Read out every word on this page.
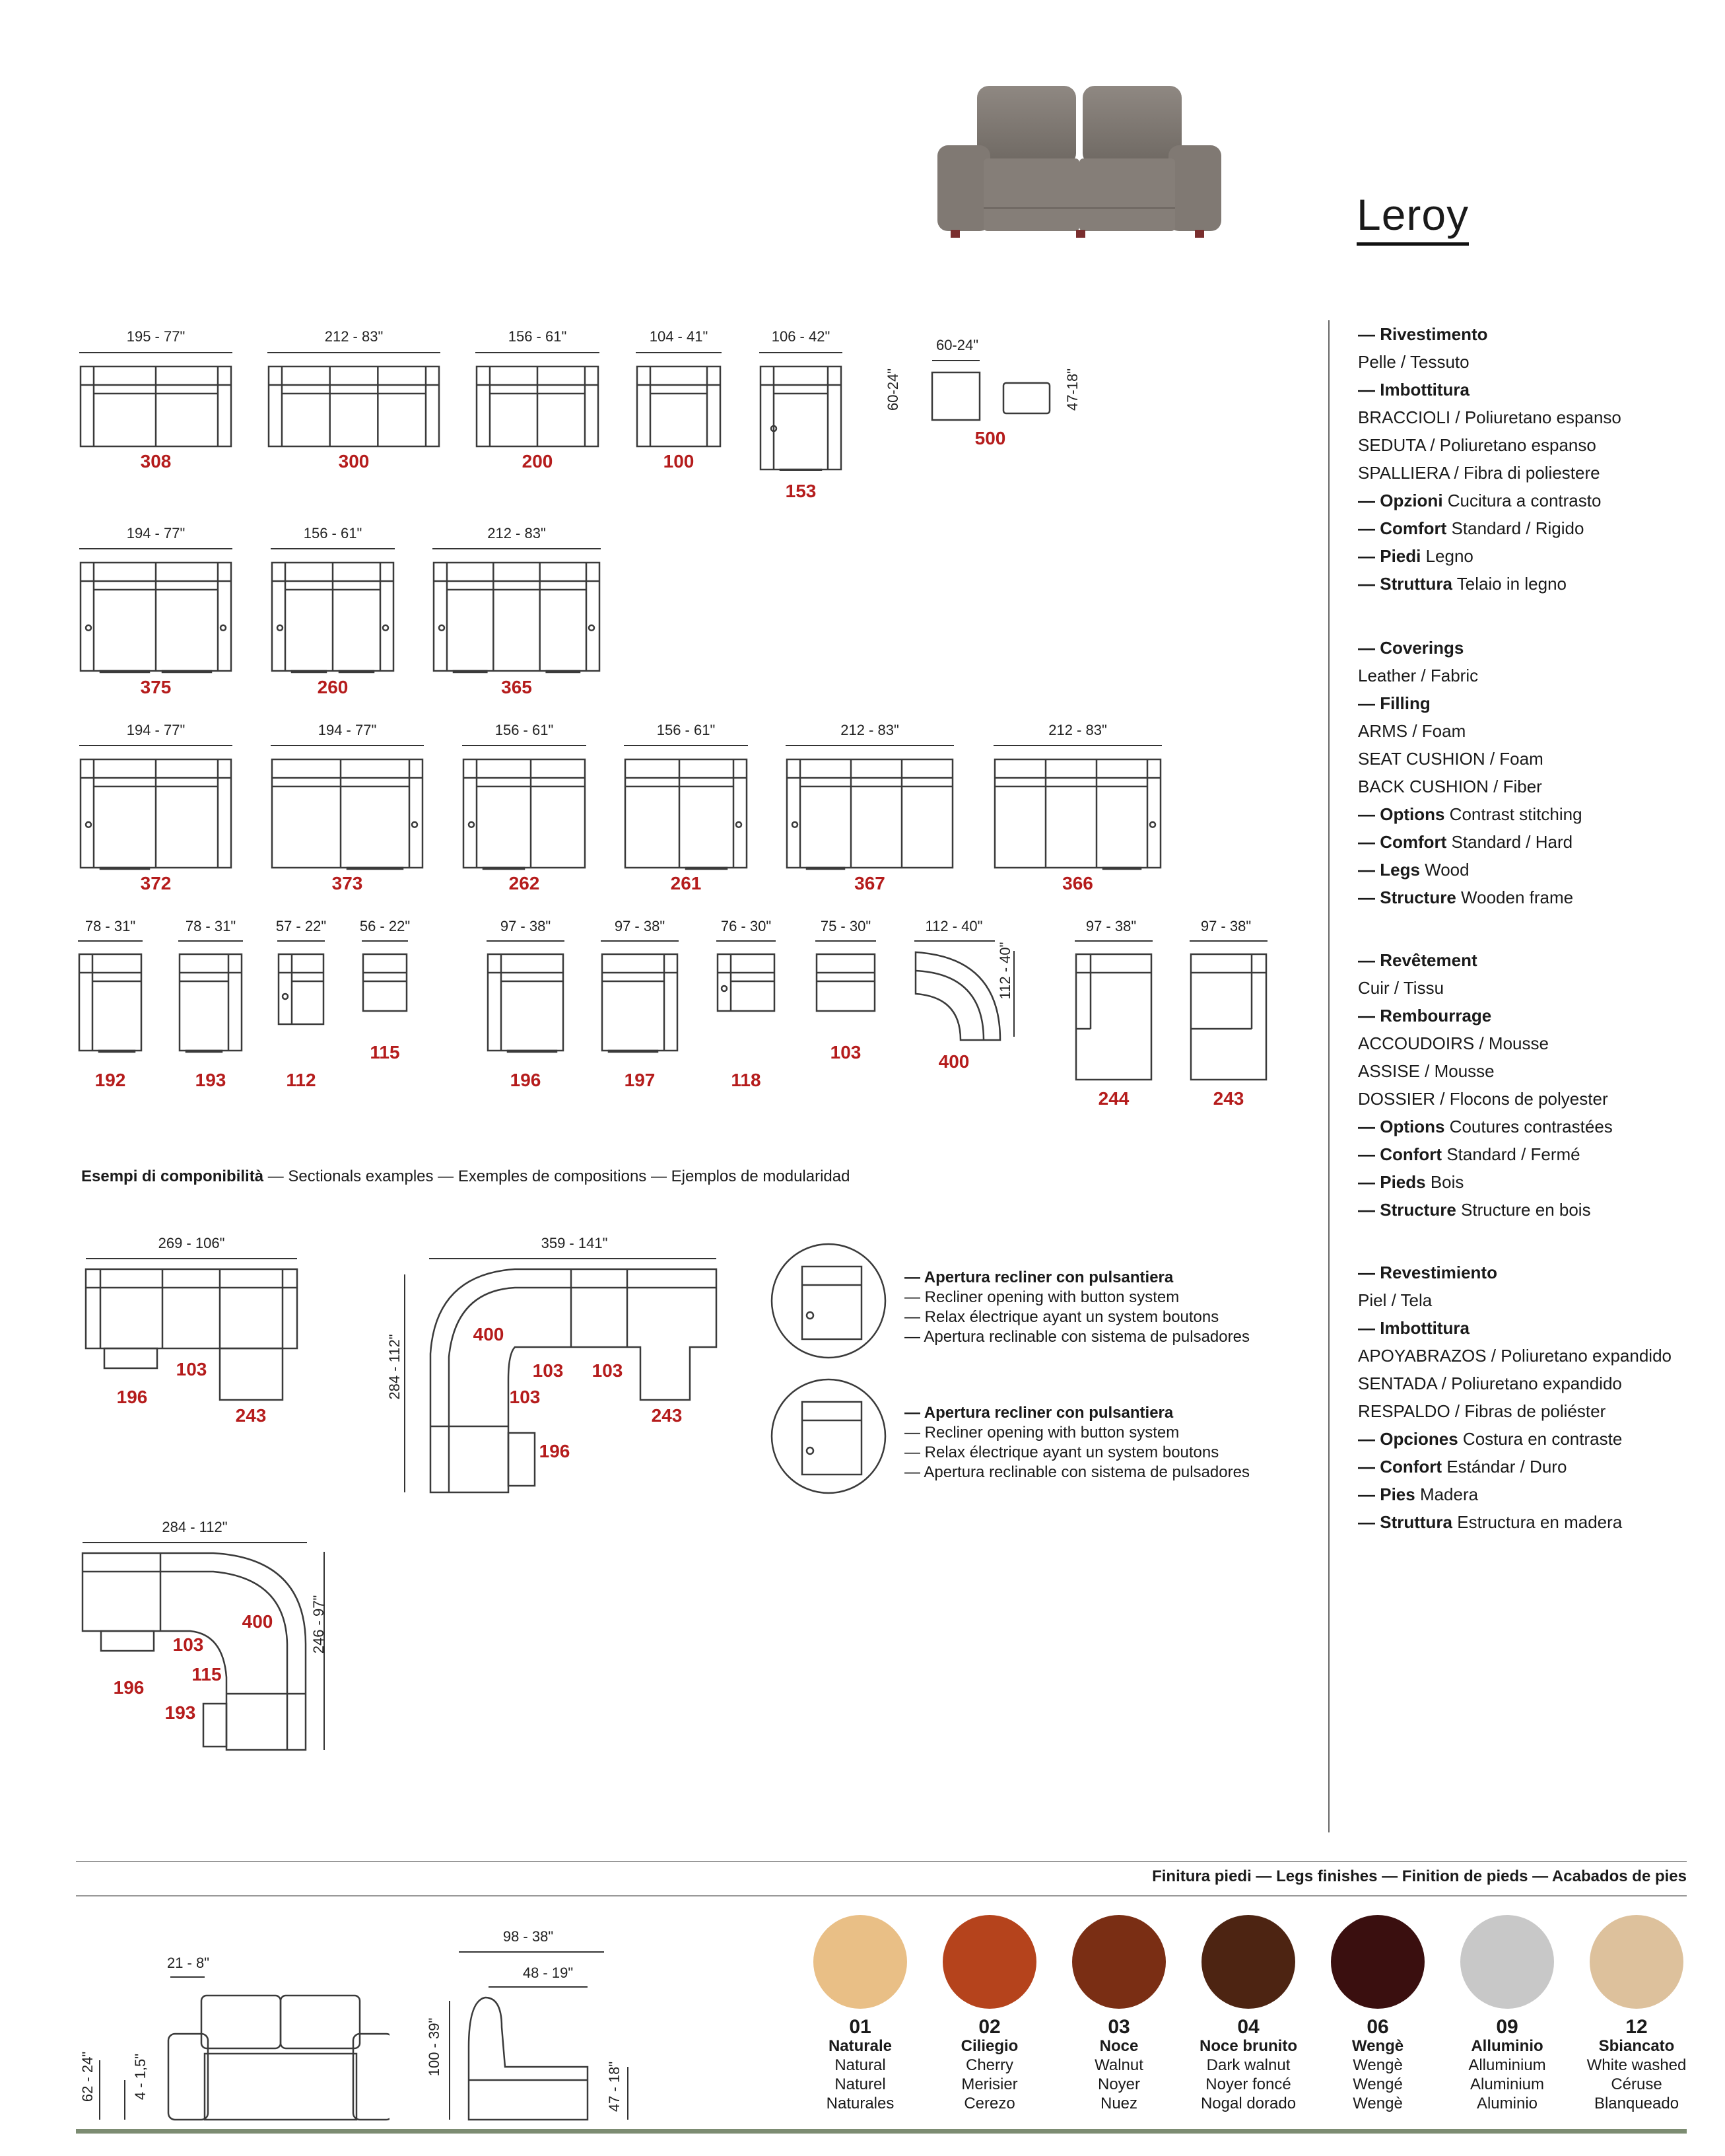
Leroy
Esempi di componibilità — Sectionals examples — Exemples de compositions — Ejemplos de modularidad
Finitura piedi — Legs finishes — Finition de pieds — Acabados de pies
195 - 77"
308
212 - 83"
300
156 - 61"
200
104 - 41"
100
106 - 42"
153
60-24"
60-24"	47-18"
500
194 - 77"
375
156 - 61"
260
212 - 83"
365
194 - 77"
372
194 - 77"
373
156 - 61"
262
156 - 61"
261
212 - 83"
367
212 - 83"
366
78 - 31"
192
78 - 31"
193
57 - 22"
112
56 - 22"
115
97 - 38"
196
97 - 38"
197
76 - 30"
118
75 - 30"
103
112 - 40"
112 - 40"
400
97 - 38"
244
97 - 38"
243
269 - 106"
196
103
243
359 - 141"
284 - 112"	400
103	103
103
243
196
284 - 112"
246 - 97"
400
103
196
115
193
— Apertura recliner con pulsantiera
— Recliner opening with button system
— Relax électrique ayant un system boutons
— Apertura reclinable con sistema de pulsadores
— Apertura recliner con pulsantiera
— Recliner opening with button system
— Relax électrique ayant un system boutons
— Apertura reclinable con sistema de pulsadores
— Rivestimento
Pelle / Tessuto
— Imbottitura
BRACCIOLI / Poliuretano espanso
SEDUTA / Poliuretano espanso
SPALLIERA / Fibra di poliestere
— Opzioni Cucitura a contrasto
— Comfort Standard / Rigido
— Piedi Legno
— Struttura Telaio in legno
— Coverings
Leather / Fabric
— Filling
ARMS / Foam
SEAT CUSHION / Foam
BACK CUSHION / Fiber
— Options Contrast stitching
— Comfort Standard / Hard
— Legs Wood
— Structure Wooden frame
— Revêtement
Cuir / Tissu
— Rembourrage
ACCOUDOIRS / Mousse
ASSISE / Mousse
DOSSIER / Flocons de polyester
— Options Coutures contrastées
— Confort Standard / Fermé
— Pieds Bois
— Structure Structure en bois
— Revestimiento
Piel / Tela
— Imbottitura
APOYABRAZOS / Poliuretano expandido
SENTADA / Poliuretano expandido
RESPALDO / Fibras de poliéster
— Opciones Costura en contraste
— Confort Estándar / Duro
— Pies Madera
— Struttura Estructura en madera
01
Naturale
Natural
Naturel
Naturales
02
Ciliegio
Cherry
Merisier
Cerezo
03
Noce
Walnut
Noyer
Nuez
04
Noce brunito
Dark walnut
Noyer foncé
Nogal dorado
06
Wengè
Wengè
Wengé
Wengè
09
Alluminio
Alluminium
Aluminium
Aluminio
12
Sbiancato
White washed
Céruse
Blanqueado
21 - 8"
62 - 24"	4 - 1,5"
98 - 38"
48 - 19"
100 - 39"
47 - 18"
